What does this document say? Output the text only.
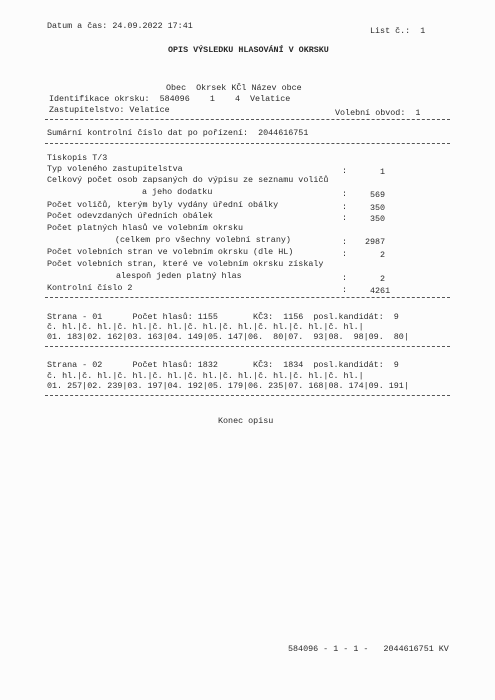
Datum a čas: 24.09.2022 17:41	List č.:  1
OPIS VÝSLEDKU HLASOVÁNÍ V OKRSKU
Obec  Okrsek KČl Název obce
Identifikace okrsku:  584096    1    4  Velatice
Zastupitelstvo: Velatice	Volební obvod:  1
Sumární kontrolní číslo dat po pořízení:  2044616751
Tiskopis T/3
Typ voleného zastupitelstva	:	1
Celkový počet osob zapsaných do výpisu ze seznamu voličů
a jeho dodatku	:	569
Počet voličů, kterým byly vydány úřední obálky	:	350
Počet odevzdaných úředních obálek	:	350
Počet platných hlasů ve volebním okrsku
(celkem pro všechny volební strany)	: 2987
Počet volebních stran ve volebním okrsku (dle HL)	:	2
Počet volebních stran, které ve volebním okrsku získaly
alespoň jeden platný hlas	:	2
Kontrolní číslo 2	:	4261
Strana - 01      Počet hlasů: 1155       KČ3:  1156  posl.kandidát:  9
č. hl.|č. hl.|č. hl.|č. hl.|č. hl.|č. hl.|č. hl.|č. hl.|č. hl.|
01. 183|02. 162|03. 163|04. 149|05. 147|06.  80|07.  93|08.  98|09.  80|
Strana - 02      Počet hlasů: 1832       KČ3:  1834  posl.kandidát:  9
č. hl.|č. hl.|č. hl.|č. hl.|č. hl.|č. hl.|č. hl.|č. hl.|č. hl.|
01. 257|02. 239|03. 197|04. 192|05. 179|06. 235|07. 168|08. 174|09. 191|
Konec opisu
584096 - 1 - 1 -   2044616751 KV
